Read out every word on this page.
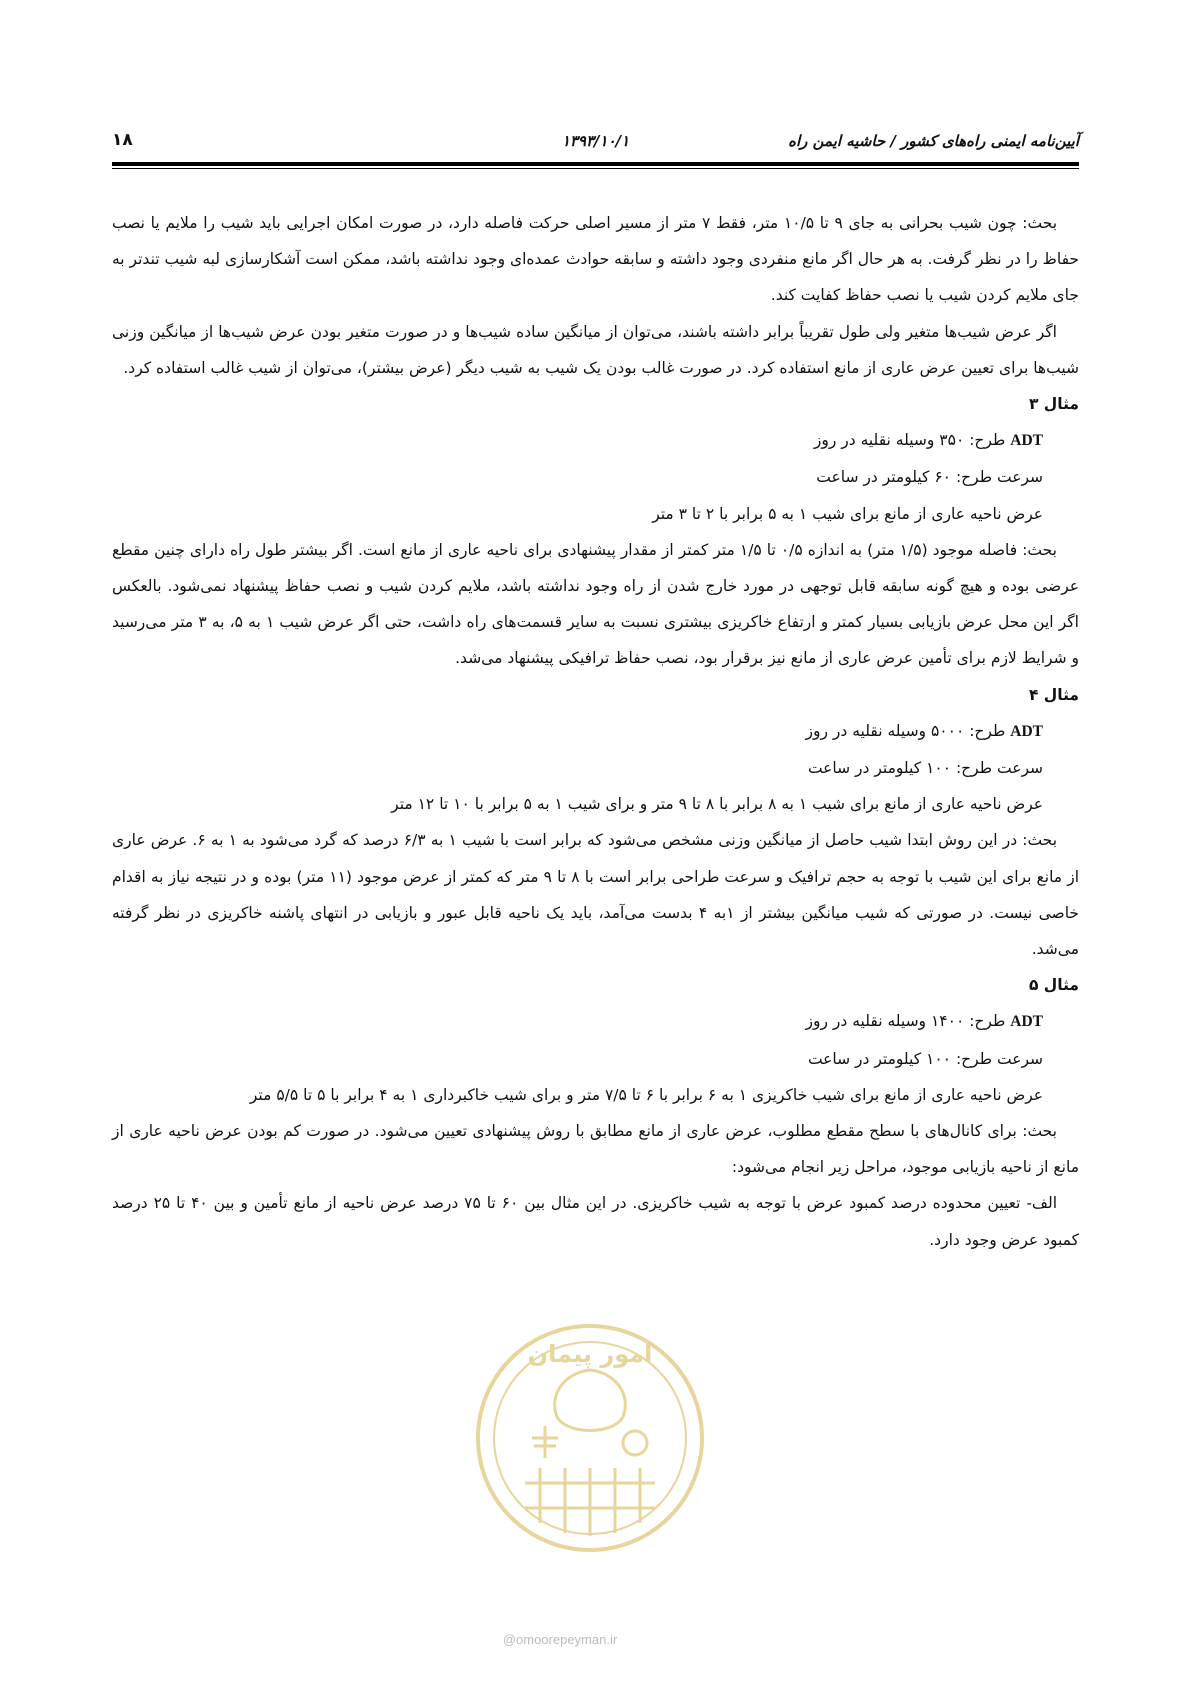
آیین‌نامه ایمنی راه‌های کشور / حاشیه ایمن راه
۱۳۹۳/۱۰/۱
۱۸

بحث: چون شیب بحرانی به جای ۹ تا ۱۰/۵ متر، فقط ۷ متر از مسیر اصلی حرکت فاصله دارد، در صورت امکان اجرایی باید شیب را ملایم یا نصب حفاظ را در نظر گرفت. به هر حال اگر مانع منفردی وجود داشته و سابقه حوادث عمده‌ای وجود نداشته باشد، ممکن است آشکارسازی لبه شیب تندتر به جای ملایم کردن شیب یا نصب حفاظ کفایت کند.

اگر عرض شیب‌ها متغیر ولی طول تقریباً برابر داشته باشند، می‌توان از میانگین ساده شیب‌ها و در صورت متغیر بودن عرض شیب‌ها از میانگین وزنی شیب‌ها برای تعیین عرض عاری از مانع استفاده کرد. در صورت غالب بودن یک شیب به شیب دیگر (عرض بیشتر)، می‌توان از شیب غالب استفاده کرد.

مثال ۳

ADT طرح: ۳۵۰ وسیله نقلیه در روز

سرعت طرح: ۶۰ کیلومتر در ساعت

عرض ناحیه عاری از مانع برای شیب ۱ به ۵ برابر با ۲ تا ۳ متر

بحث: فاصله موجود (۱/۵ متر) به اندازه ۰/۵ تا ۱/۵ متر کمتر از مقدار پیشنهادی برای ناحیه عاری از مانع است. اگر بیشتر طول راه دارای چنین مقطع عرضی بوده و هیچ گونه سابقه قابل توجهی در مورد خارج شدن از راه وجود نداشته باشد، ملایم کردن شیب و نصب حفاظ پیشنهاد نمی‌شود. بالعکس اگر این محل عرض بازیابی بسیار کمتر و ارتفاع خاکریزی بیشتری نسبت به سایر قسمت‌های راه داشت، حتی اگر عرض شیب ۱ به ۵، به ۳ متر می‌رسید و شرایط لازم برای تأمین عرض عاری از مانع نیز برقرار بود، نصب حفاظ ترافیکی پیشنهاد می‌شد.

مثال ۴

ADT طرح: ۵۰۰۰ وسیله نقلیه در روز

سرعت طرح: ۱۰۰ کیلومتر در ساعت

عرض ناحیه عاری از مانع برای شیب ۱ به ۸ برابر با ۸ تا ۹ متر و برای شیب ۱ به ۵ برابر با ۱۰ تا ۱۲ متر

بحث: در این روش ابتدا شیب حاصل از میانگین وزنی مشخص می‌شود که برابر است با شیب ۱ به ۶/۳ درصد که گرد می‌شود به ۱ به ۶. عرض عاری از مانع برای این شیب با توجه به حجم ترافیک و سرعت طراحی برابر است با ۸ تا ۹ متر که کمتر از عرض موجود (۱۱ متر) بوده و در نتیجه نیاز به اقدام خاصی نیست. در صورتی که شیب میانگین بیشتر از ۱به ۴ بدست می‌آمد، باید یک ناحیه قابل عبور و بازیابی در انتهای پاشنه خاکریزی در نظر گرفته می‌شد.

مثال ۵

ADT طرح: ۱۴۰۰ وسیله نقلیه در روز

سرعت طرح: ۱۰۰ کیلومتر در ساعت

عرض ناحیه عاری از مانع برای شیب خاکریزی ۱ به ۶ برابر با ۶ تا ۷/۵ متر و برای شیب خاکبرداری ۱ به ۴ برابر با ۵ تا ۵/۵ متر

بحث: برای کانال‌های با سطح مقطع مطلوب، عرض عاری از مانع مطابق با روش پیشنهادی تعیین می‌شود. در صورت کم بودن عرض ناحیه عاری از مانع از ناحیه بازیابی موجود، مراحل زیر انجام می‌شود:

الف- تعیین محدوده درصد کمبود عرض با توجه به شیب خاکریزی. در این مثال بین ۶۰ تا ۷۵ درصد عرض ناحیه از مانع تأمین و بین ۴۰ تا ۲۵ درصد کمبود عرض وجود دارد.

امور پیمان
@omoorepeyman.ir
